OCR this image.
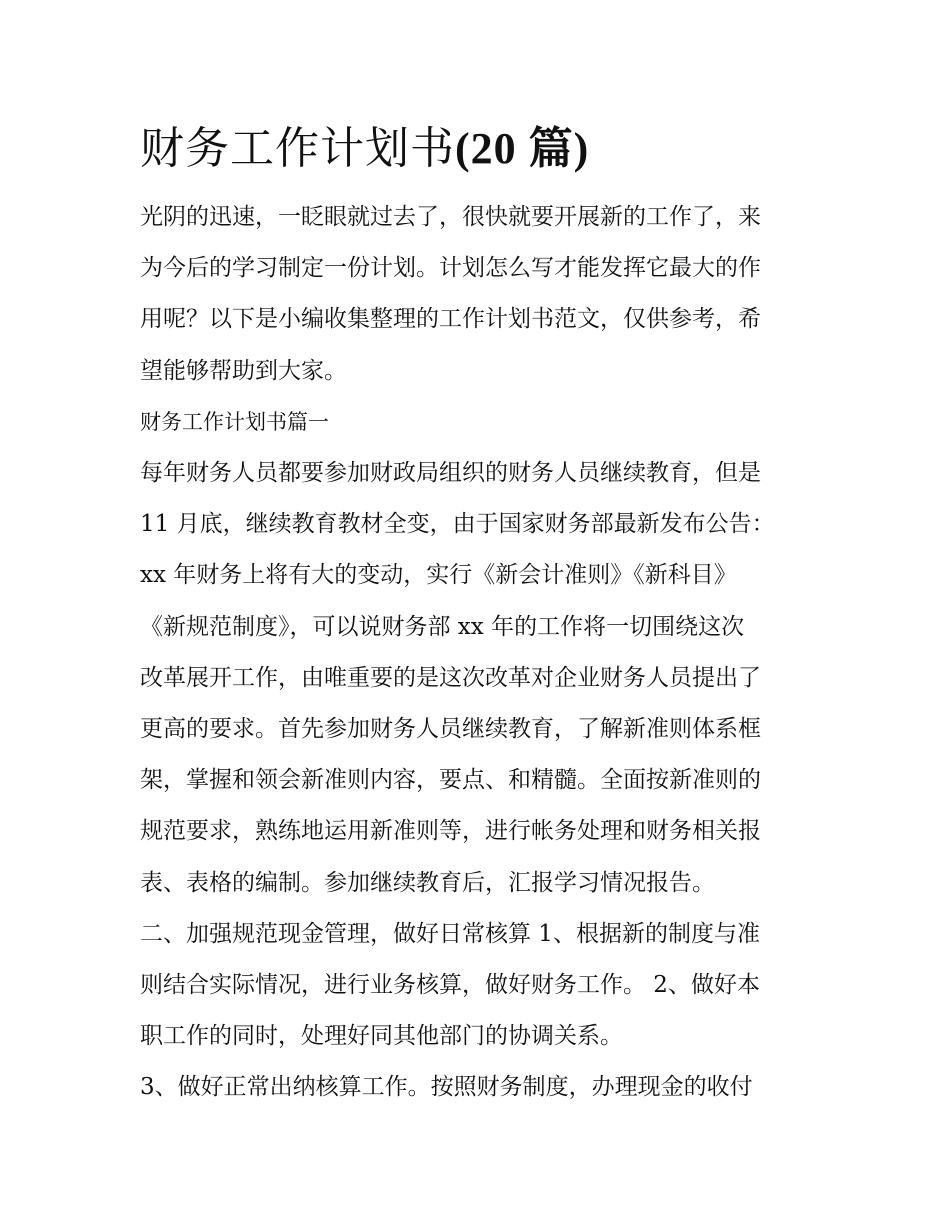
财务工作计划书(20 篇)

光阴的迅速，一眨眼就过去了，很快就要开展新的工作了，来
为今后的学习制定一份计划。计划怎么写才能发挥它最大的作
用呢？以下是小编收集整理的工作计划书范文，仅供参考，希
望能够帮助到大家。

财务工作计划书篇一

每年财务人员都要参加财政局组织的财务人员继续教育，但是
11 月底，继续教育教材全变，由于国家财务部最新发布公告：
xx 年财务上将有大的变动，实行《新会计准则》《新科目》
《新规范制度》，可以说财务部 xx 年的工作将一切围绕这次
改革展开工作，由唯重要的是这次改革对企业财务人员提出了
更高的要求。首先参加财务人员继续教育，了解新准则体系框
架，掌握和领会新准则内容，要点、和精髓。全面按新准则的
规范要求，熟练地运用新准则等，进行帐务处理和财务相关报
表、表格的编制。参加继续教育后，汇报学习情况报告。

二、加强规范现金管理，做好日常核算 1、根据新的制度与准
则结合实际情况，进行业务核算，做好财务工作。 2、做好本
职工作的同时，处理好同其他部门的协调关系。

3、做好正常出纳核算工作。按照财务制度，办理现金的收付
